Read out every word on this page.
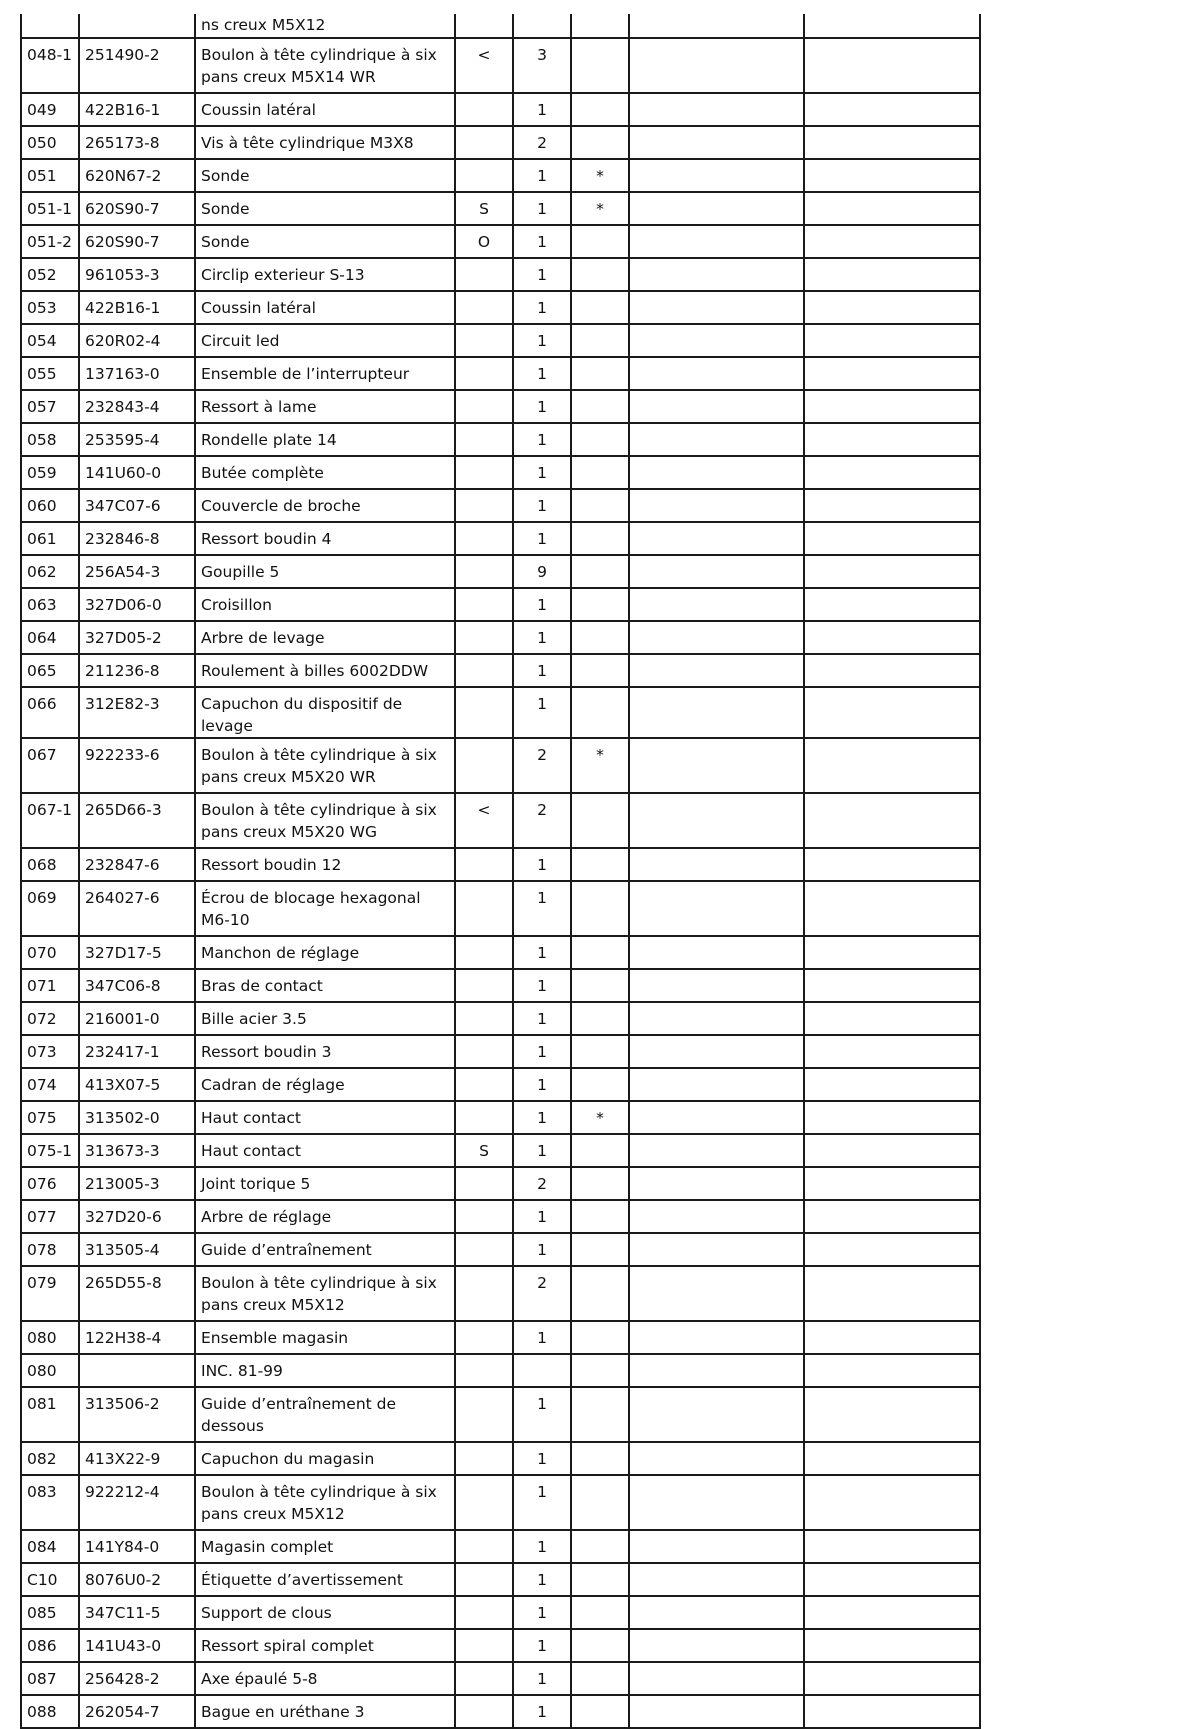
		ns creux M5X12					
048-1	251490-2	Boulon à tête cylindrique à six pans creux M5X14 WR	<	3			
049	422B16-1	Coussin latéral		1			
050	265173-8	Vis à tête cylindrique M3X8		2			
051	620N67-2	Sonde		1	*		
051-1	620S90-7	Sonde	S	1	*		
051-2	620S90-7	Sonde	O	1			
052	961053-3	Circlip exterieur S-13		1			
053	422B16-1	Coussin latéral		1			
054	620R02-4	Circuit led		1			
055	137163-0	Ensemble de l’interrupteur		1			
057	232843-4	Ressort à lame		1			
058	253595-4	Rondelle plate 14		1			
059	141U60-0	Butée complète		1			
060	347C07-6	Couvercle de broche		1			
061	232846-8	Ressort boudin 4		1			
062	256A54-3	Goupille 5		9			
063	327D06-0	Croisillon		1			
064	327D05-2	Arbre de levage		1			
065	211236-8	Roulement à billes 6002DDW		1			
066	312E82-3	Capuchon du dispositif de levage		1			
067	922233-6	Boulon à tête cylindrique à six pans creux M5X20 WR		2	*		
067-1	265D66-3	Boulon à tête cylindrique à six pans creux M5X20 WG	<	2			
068	232847-6	Ressort boudin 12		1			
069	264027-6	Écrou de blocage hexagonal M6-10		1			
070	327D17-5	Manchon de réglage		1			
071	347C06-8	Bras de contact		1			
072	216001-0	Bille acier 3.5		1			
073	232417-1	Ressort boudin 3		1			
074	413X07-5	Cadran de réglage		1			
075	313502-0	Haut contact		1	*		
075-1	313673-3	Haut contact	S	1			
076	213005-3	Joint torique 5		2			
077	327D20-6	Arbre de réglage		1			
078	313505-4	Guide d’entraînement		1			
079	265D55-8	Boulon à tête cylindrique à six pans creux M5X12		2			
080	122H38-4	Ensemble magasin		1			
080		INC. 81-99					
081	313506-2	Guide d’entraînement de dessous		1			
082	413X22-9	Capuchon du magasin		1			
083	922212-4	Boulon à tête cylindrique à six pans creux M5X12		1			
084	141Y84-0	Magasin complet		1			
C10	8076U0-2	Étiquette d’avertissement		1			
085	347C11-5	Support de clous		1			
086	141U43-0	Ressort spiral complet		1			
087	256428-2	Axe épaulé 5-8		1			
088	262054-7	Bague en uréthane 3		1			
